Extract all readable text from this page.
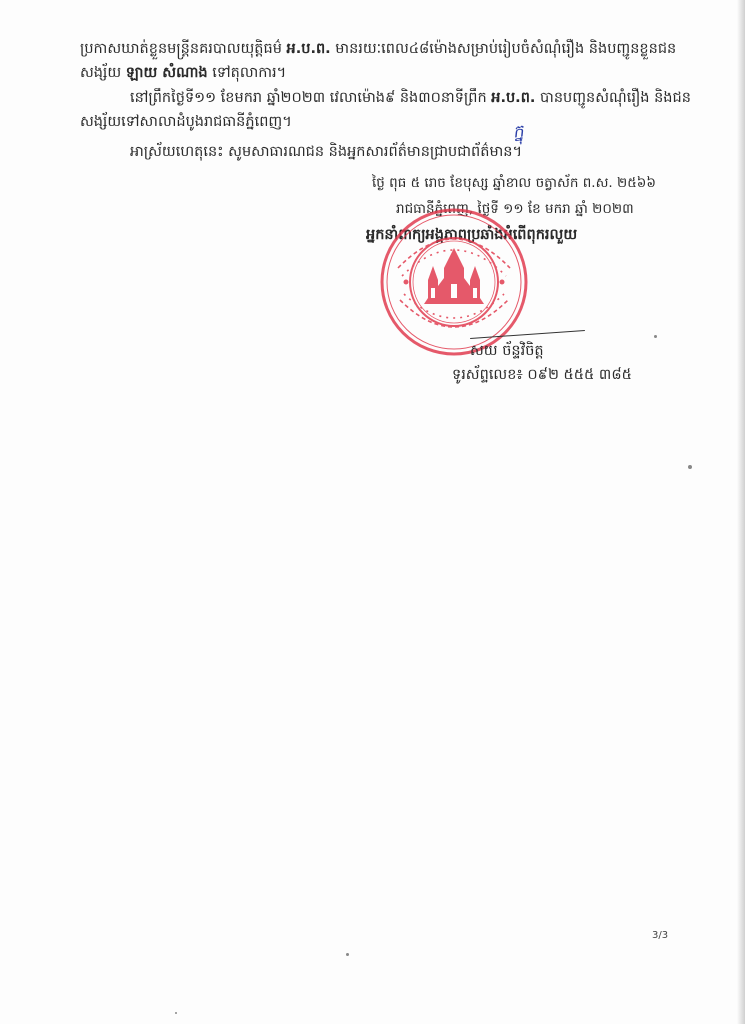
ប្រកាសឃាត់ខ្លួនមន្ត្រីនគរបាលយុត្តិធម៌ អ.ប.ព. មានរយៈពេល៤៨ម៉ោងសម្រាប់រៀបចំសំណុំរឿង និងបញ្ជូនខ្លួនជន
សង្ស័យ ឡាយ សំណាង ទៅតុលាការ។
នៅព្រឹកថ្ងៃទី១១ ខែមករា ឆ្នាំ២០២៣ វេលាម៉ោង៩ និង៣០នាទីព្រឹក អ.ប.ព. បានបញ្ជូនសំណុំរឿង និងជន
សង្ស័យទៅសាលាដំបូងរាជធានីភ្នំពេញ។
អាស្រ័យហេតុនេះ សូមសាធារណជន និងអ្នកសារព័ត៌មានជ្រាបជាព័ត៌មាន។
ក្នុ
ថ្ងៃ ពុធ ៥ រោច ខែបុស្ស ឆ្នាំខាល ចត្វាស័ក ព.ស. ២៥៦៦
រាជធានីភ្នំពេញ, ថ្ងៃទី ១១ ខែ មករា ឆ្នាំ ២០២៣
អ្នកនាំពាក្យអង្គភាពប្រឆាំងអំពើពុករលួយ
សយ ច័ន្ទវិចិត្ត
ទូរស័ព្ទលេខ៖ ០៩២ ៥៥៥ ៣៨៥
3/3
